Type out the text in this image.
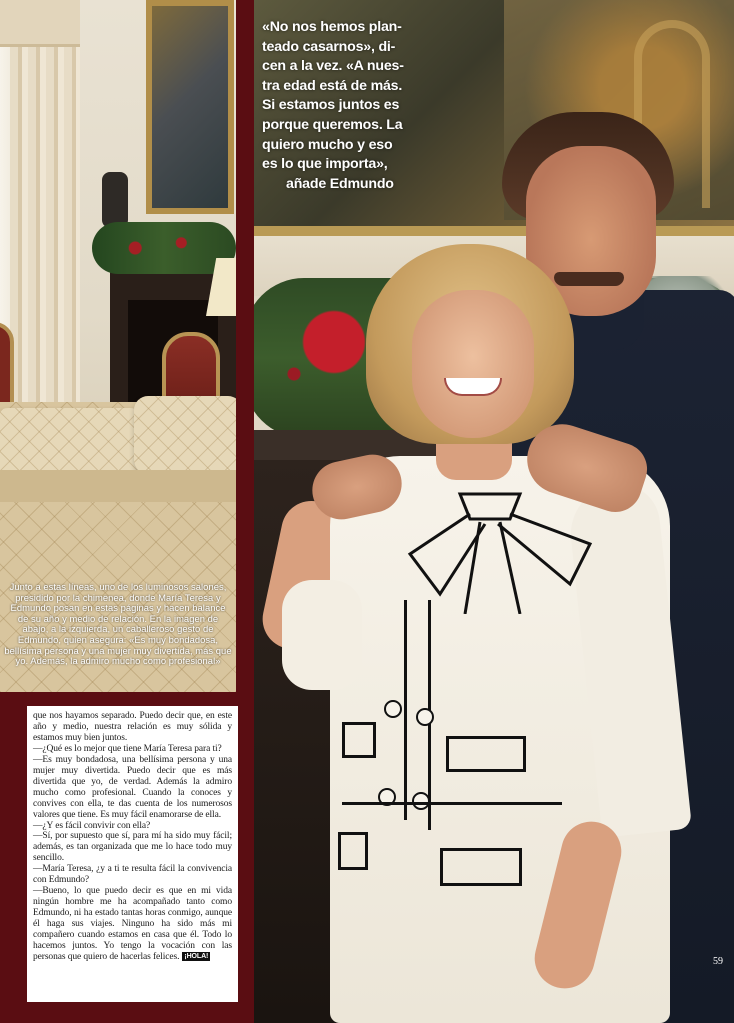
Junto a estas líneas, uno de los luminosos salones, presidido por la chimenea, donde María Teresa y Edmundo posan en estas páginas y hacen balance de su año y medio de relación. En la imagen de abajo, a la izquierda, un caballeroso gesto de Edmundo, quien asegura: «Es muy bondadosa, bellísima persona y una mujer muy divertida, más que yo. Además, la admiro mucho como profesional»

que nos hayamos separado. Puedo decir que, en este año y medio, nuestra relación es muy sólida y estamos muy bien juntos.

—¿Qué es lo mejor que tiene María Teresa para ti?

—Es muy bondadosa, una bellísima persona y una mujer muy divertida. Puedo decir que es más divertida que yo, de verdad. Además la admiro mucho como profesional. Cuando la conoces y convives con ella, te das cuenta de los numerosos valores que tiene. Es muy fácil enamorarse de ella.

—¿Y es fácil convivir con ella?

—Sí, por supuesto que sí, para mí ha sido muy fácil; además, es tan organizada que me lo hace todo muy sencillo.

—María Teresa, ¿y a ti te resulta fácil la convivencia con Edmundo?

—Bueno, lo que puedo decir es que en mi vida ningún hombre me ha acompañado tanto como Edmundo, ni ha estado tantas horas conmigo, aunque él haga sus viajes. Ninguno ha sido más mi compañero cuando estamos en casa que él. Todo lo hacemos juntos. Yo tengo la vocación con las personas que quiero de hacerlas felices. ¡HOLA!

«No nos hemos plan-
teado casarnos», di-
cen a la vez. «A nues-
tra edad está de más.
Si estamos juntos es
porque queremos. La
quiero mucho y eso
es lo que importa»,
añade Edmundo
59
